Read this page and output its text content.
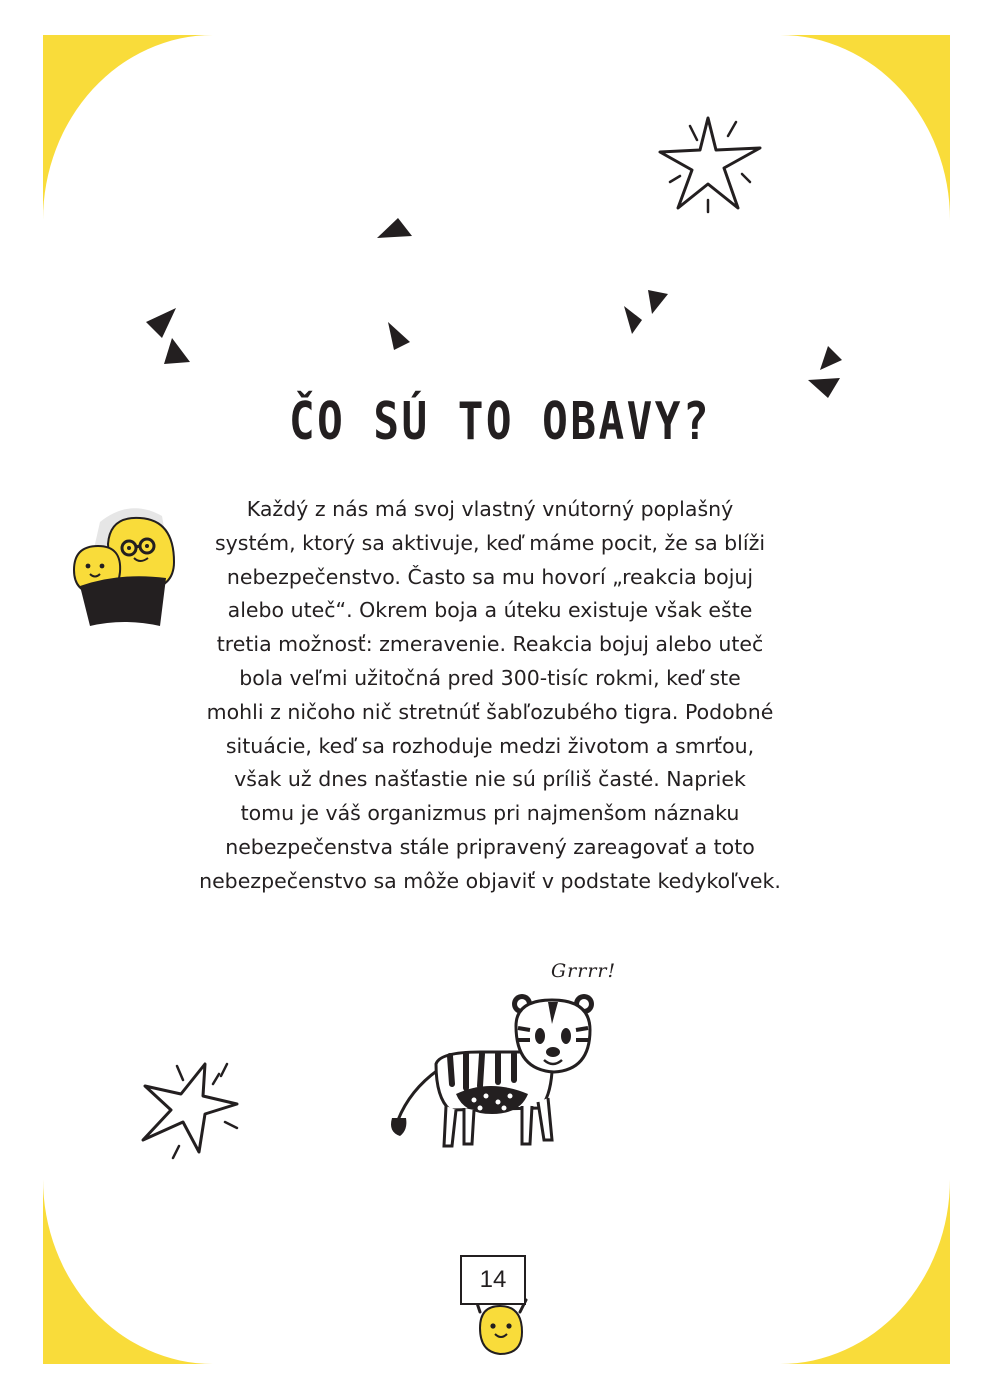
ČO SÚ TO OBAVY?
Každý z nás má svoj vlastný vnútorný poplašný
systém, ktorý sa aktivuje, keď máme pocit, že sa blíži
nebezpečenstvo. Často sa mu hovorí „reakcia bojuj
alebo uteč“. Okrem boja a úteku existuje však ešte
tretia možnosť: zmeravenie. Reakcia bojuj alebo uteč
bola veľmi užitočná pred 300-tisíc rokmi, keď ste
mohli z ničoho nič stretnúť šabľozubého tigra. Podobné
situácie, keď sa rozhoduje medzi životom a smrťou,
však už dnes našťastie nie sú príliš časté. Napriek
tomu je váš organizmus pri najmenšom náznaku
nebezpečenstva stále pripravený zareagovať a toto
nebezpečenstvo sa môže objaviť v podstate kedykoľvek.
Grrrr!
14
